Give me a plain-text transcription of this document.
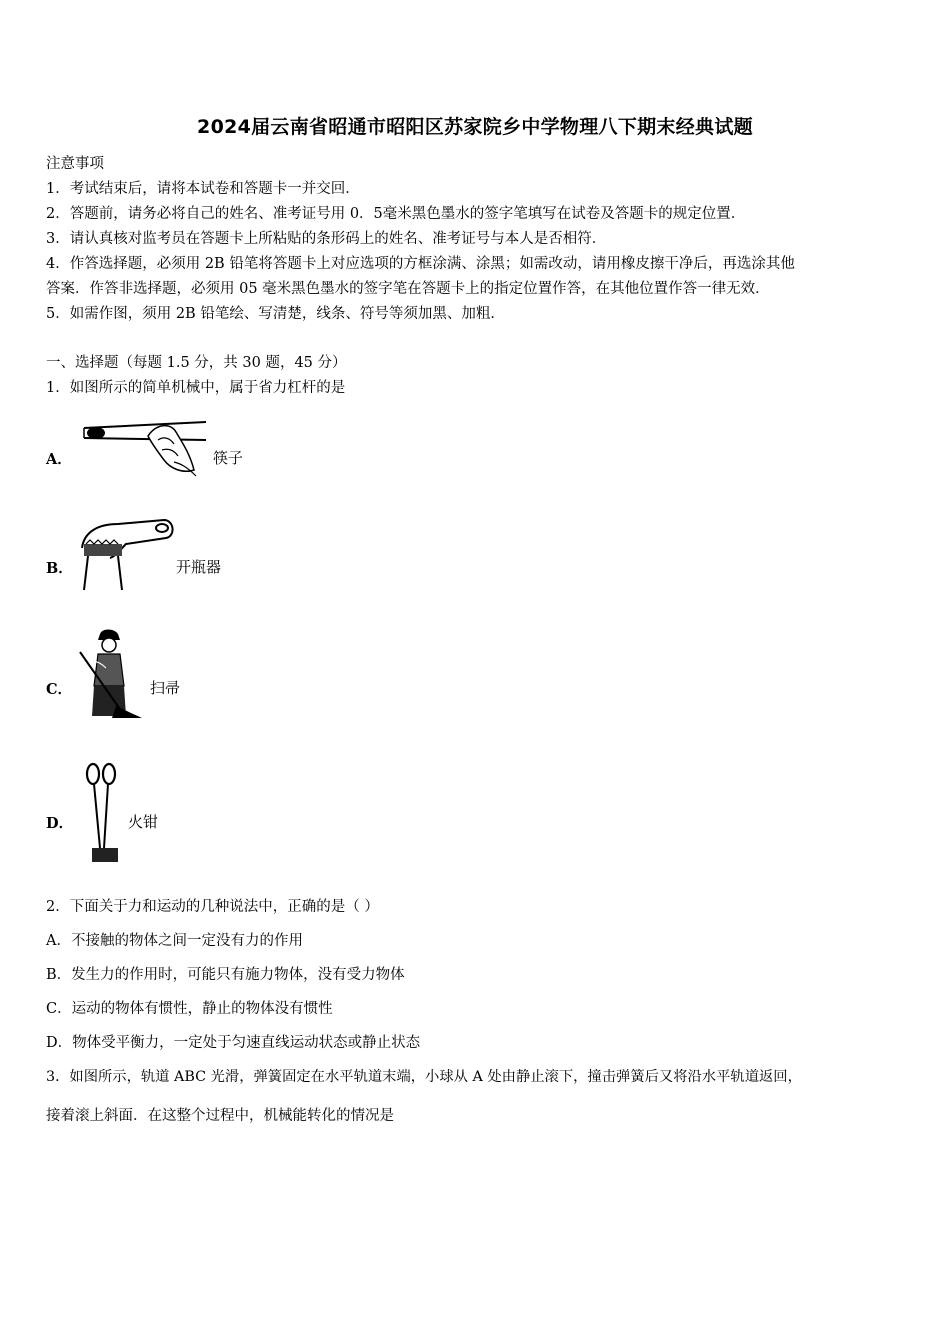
2024届云南省昭通市昭阳区苏家院乡中学物理八下期末经典试题
注意事项
1．考试结束后，请将本试卷和答题卡一并交回．
2．答题前，请务必将自己的姓名、准考证号用 0．5毫米黑色墨水的签字笔填写在试卷及答题卡的规定位置．
3．请认真核对监考员在答题卡上所粘贴的条形码上的姓名、准考证号与本人是否相符．
4．作答选择题，必须用 2B 铅笔将答题卡上对应选项的方框涂满、涂黑；如需改动，请用橡皮擦干净后，再选涂其他
答案．作答非选择题，必须用 05 毫米黑色墨水的签字笔在答题卡上的指定位置作答，在其他位置作答一律无效．
5．如需作图，须用 2B 铅笔绘、写清楚，线条、符号等须加黑、加粗．
一、选择题（每题 1.5 分，共 30 题，45 分）
1．如图所示的简单机械中，属于省力杠杆的是
A．	筷子
B．	开瓶器
C．	扫帚
D．	火钳
2．下面关于力和运动的几种说法中，正确的是（ ）
A．不接触的物体之间一定没有力的作用
B．发生力的作用时，可能只有施力物体，没有受力物体
C．运动的物体有惯性，静止的物体没有惯性
D．物体受平衡力，一定处于匀速直线运动状态或静止状态
3．如图所示，轨道 ABC 光滑，弹簧固定在水平轨道末端，小球从 A 处由静止滚下，撞击弹簧后又将沿水平轨道返回，
接着滚上斜面．在这整个过程中，机械能转化的情况是
